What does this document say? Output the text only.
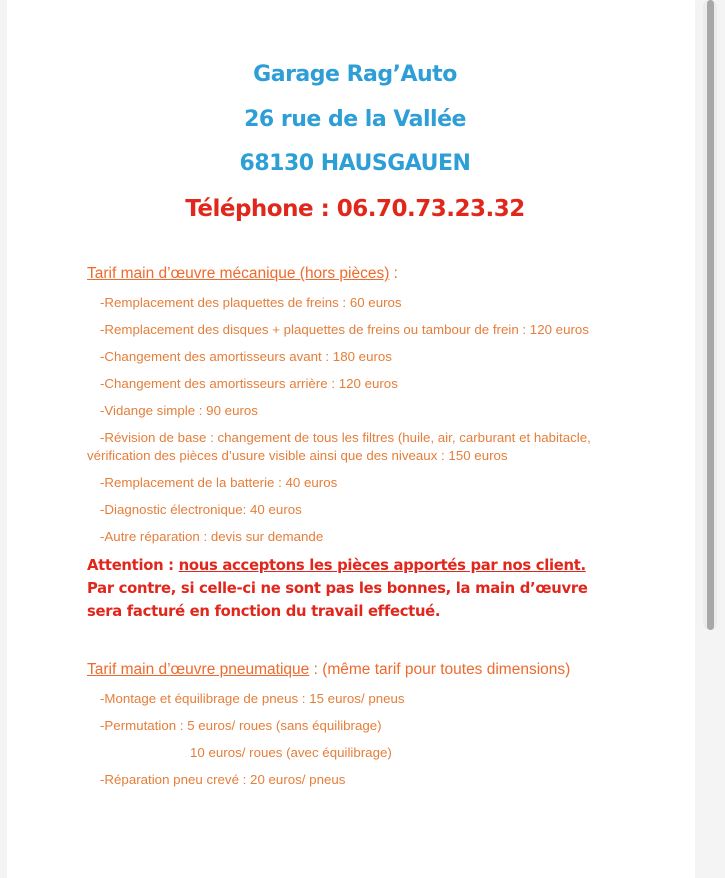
Garage Rag’Auto
26 rue de la Vallée
68130 HAUSGAUEN
Téléphone : 06.70.73.23.32
Tarif main d’œuvre mécanique (hors pièces) :
-Remplacement des plaquettes de freins : 60 euros
-Remplacement des disques + plaquettes de freins ou tambour de frein : 120 euros
-Changement des amortisseurs avant : 180 euros
-Changement des amortisseurs arrière : 120 euros
-Vidange simple : 90 euros
-Révision de base : changement de tous les filtres (huile, air, carburant et habitacle,
vérification des pièces d’usure visible ainsi que des niveaux : 150 euros
-Remplacement de la batterie : 40 euros
-Diagnostic électronique: 40 euros
-Autre réparation : devis sur demande
Attention : nous acceptons les pièces apportés par nos client.
Par contre, si celle-ci ne sont pas les bonnes, la main d’œuvre
sera facturé en fonction du travail effectué.
Tarif main d’œuvre pneumatique : (même tarif pour toutes dimensions)
-Montage et équilibrage de pneus : 15 euros/ pneus
-Permutation : 5 euros/ roues (sans équilibrage)
10 euros/ roues (avec équilibrage)
-Réparation pneu crevé : 20 euros/ pneus
